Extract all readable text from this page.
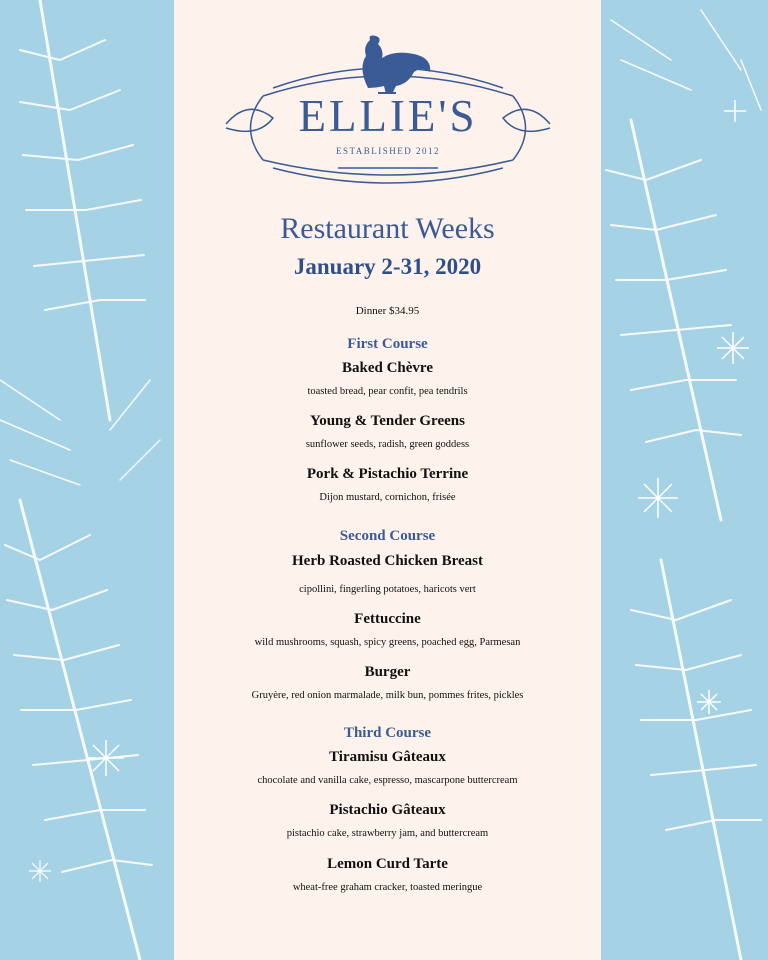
ELLIE'S
ESTABLISHED 2012
Restaurant Weeks
January 2-31, 2020
Dinner $34.95
First Course
Baked Chèvre
toasted bread, pear confit, pea tendrils
Young & Tender Greens
sunflower seeds, radish, green goddess
Pork & Pistachio Terrine
Dijon mustard, cornichon, frisée
Second Course
Herb Roasted Chicken Breast
cipollini, fingerling potatoes, haricots vert
Fettuccine
wild mushrooms, squash, spicy greens, poached egg, Parmesan
Burger
Gruyère, red onion marmalade, milk bun, pommes frites, pickles
Third Course
Tiramisu Gâteaux
chocolate and vanilla cake, espresso, mascarpone buttercream
Pistachio Gâteaux
pistachio cake, strawberry jam, and buttercream
Lemon Curd Tarte
wheat-free graham cracker, toasted meringue
